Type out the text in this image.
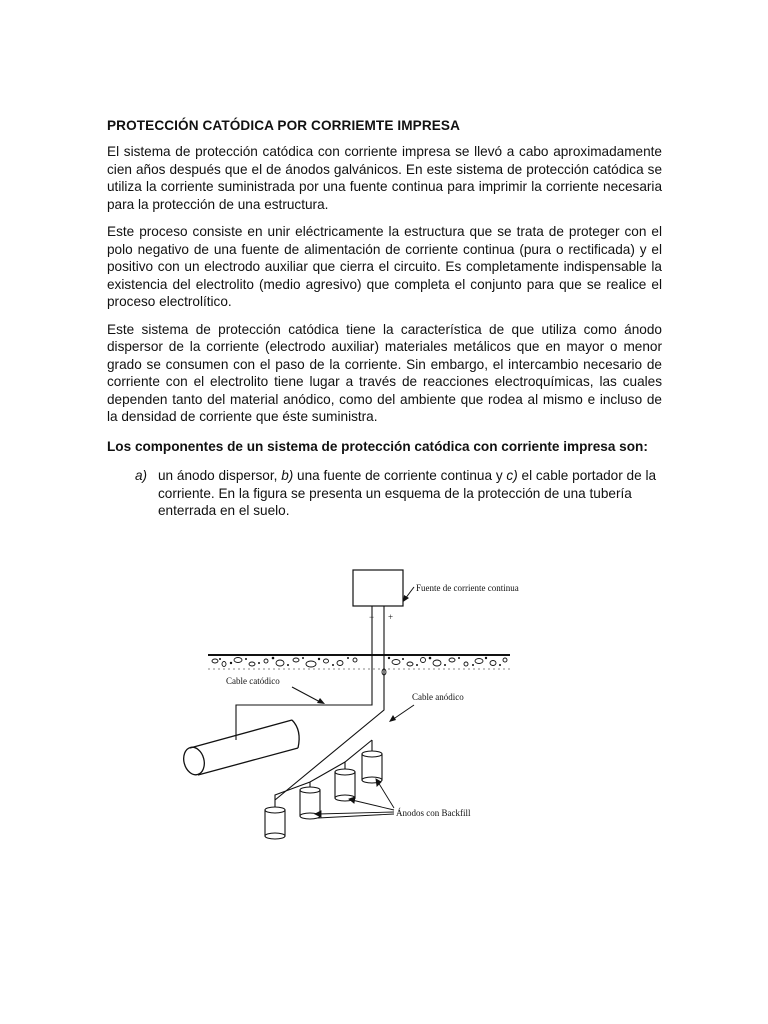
PROTECCIÓN CATÓDICA POR CORRIEMTE IMPRESA

El sistema de protección catódica con corriente impresa se llevó a cabo aproximadamente cien años después que el de ánodos galvánicos. En este sistema de protección catódica se utiliza la corriente suministrada por una fuente continua para imprimir la corriente necesaria para la protección de una estructura.

Este proceso consiste en unir eléctricamente la estructura que se trata de proteger con el polo negativo de una fuente de alimentación de corriente continua (pura o rectificada) y el positivo con un electrodo auxiliar que cierra el circuito. Es completamente indispensable la existencia del electrolito (medio agresivo) que completa el conjunto para que se realice el proceso electrolítico.

Este sistema de protección catódica tiene la característica de que utiliza como ánodo dispersor de la corriente (electrodo auxiliar) materiales metálicos que en mayor o menor grado se consumen con el paso de la corriente. Sin embargo, el intercambio necesario de corriente con el electrolito tiene lugar a través de reacciones electroquímicas, las cuales dependen tanto del material anódico, como del ambiente que rodea al mismo e incluso de la densidad de corriente que éste suministra.

Los componentes de un sistema de protección catódica con corriente impresa son:
a) un ánodo dispersor, b) una fuente de corriente continua y c) el cable portador de la corriente. En la figura se presenta un esquema de la protección de una tubería enterrada en el suelo.
Fuente de corriente continua
− +
Cable catódico
Cable anódico
Ánodos con Backfill
